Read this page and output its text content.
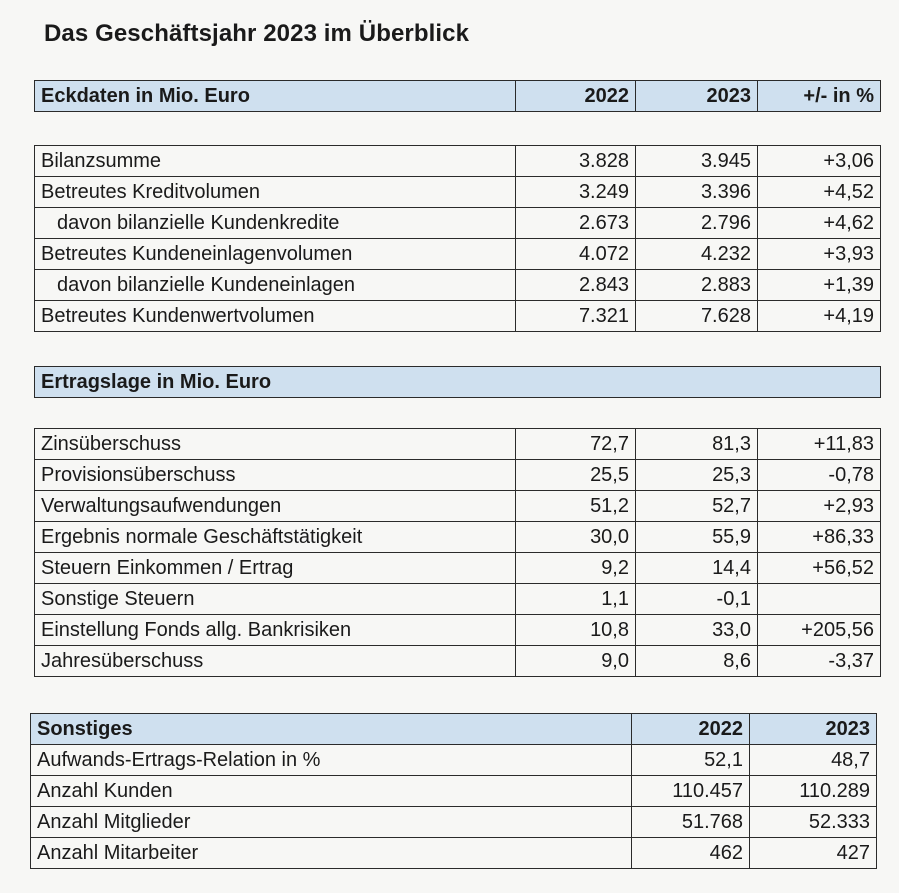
Das Geschäftsjahr 2023 im Überblick
Eckdaten in Mio. Euro	2022	2023	+/- in %
Bilanzsumme	3.828	3.945	+3,06
Betreutes Kreditvolumen	3.249	3.396	+4,52
davon bilanzielle Kundenkredite	2.673	2.796	+4,62
Betreutes Kundeneinlagenvolumen	4.072	4.232	+3,93
davon bilanzielle Kundeneinlagen	2.843	2.883	+1,39
Betreutes Kundenwertvolumen	7.321	7.628	+4,19
Ertragslage in Mio. Euro
Zinsüberschuss	72,7	81,3	+11,83
Provisionsüberschuss	25,5	25,3	-0,78
Verwaltungsaufwendungen	51,2	52,7	+2,93
Ergebnis normale Geschäftstätigkeit	30,0	55,9	+86,33
Steuern Einkommen / Ertrag	9,2	14,4	+56,52
Sonstige Steuern	1,1	-0,1	
Einstellung Fonds allg. Bankrisiken	10,8	33,0	+205,56
Jahresüberschuss	9,0	8,6	-3,37
Sonstiges	2022	2023
Aufwands-Ertrags-Relation in %	52,1	48,7
Anzahl Kunden	110.457	110.289
Anzahl Mitglieder	51.768	52.333
Anzahl Mitarbeiter	462	427
